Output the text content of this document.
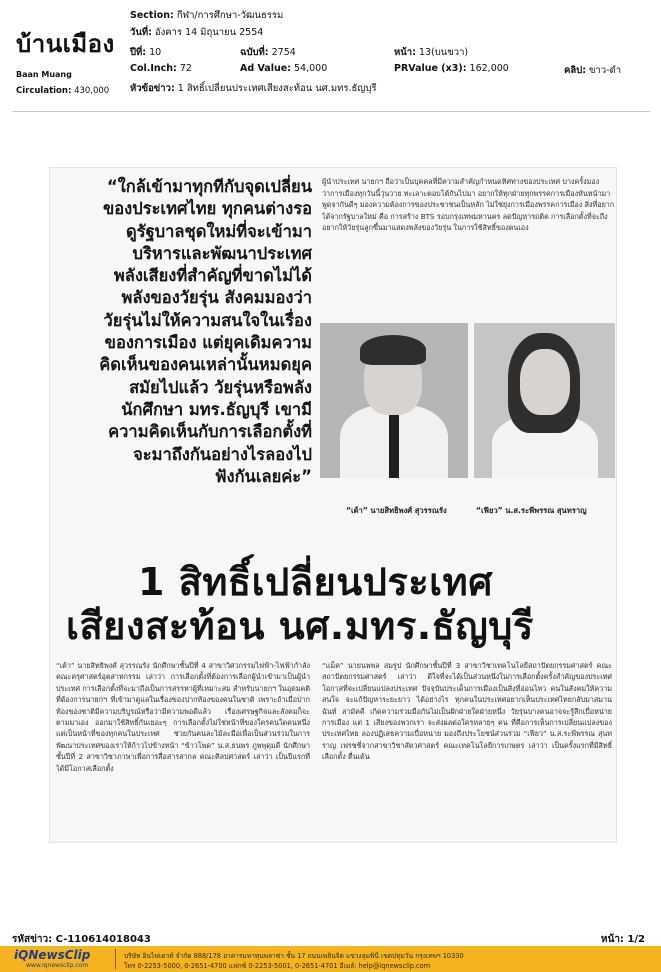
บ้านเมือง
Baan Muang
Circulation: 430,000
Section: กีฬา/การศึกษา-วัฒนธรรม
วันที่: อังคาร 14 มิถุนายน 2554
ปีที่: 10	ฉบับที่: 2754	หน้า: 13(บนขวา)
Col.Inch: 72	Ad Value: 54,000	PRValue (x3): 162,000	คลิป: ขาว-ดำ
หัวข้อข่าว: 1 สิทธิ์เปลี่ยนประเทศเสียงสะท้อน นศ.มทร.ธัญบุรี
“ใกล้เข้ามาทุกทีกับจุดเปลี่ยน
ของประเทศไทย ทุกคนต่างรอ
ดูรัฐบาลชุดใหม่ที่จะเข้ามา
บริหารและพัฒนาประเทศ
พลังเสียงที่สำคัญที่ขาดไม่ได้
พลังของวัยรุ่น สังคมมองว่า
วัยรุ่นไม่ให้ความสนใจในเรื่อง
ของการเมือง แต่ยุคเดิมความ
คิดเห็นของคนเหล่านั้นหมดยุค
สมัยไปแล้ว วัยรุ่นหรือพลัง
นักศึกษา มทร.ธัญบุรี เขามี
ความคิดเห็นกับการเลือกตั้งที่
จะมาถึงกันอย่างไรลองไป
ฟังกันเลยค่ะ”
ผู้นำประเทศ นายกฯ ถือว่าเป็นบุคคลที่มีความสำคัญกำหนดทิศทางของประเทศ บางครั้งมองว่าการเมืองทุกวันนี้วุ่นวาย ทะเลาะตอบโต้กันไปมา อยากให้ทุกฝ่ายทุกพรรคการเมืองหันหน้ามาพูดจากันดีๆ มองความต้องการของประชาชนเป็นหลัก ไม่ใช่ยุ่งการเมืองพรรคการเมือง สิ่งที่อยากได้จากรัฐบาลใหม่ คือ การสร้าง BTS รอบกรุงเทพมหานคร ลดปัญหารถติด การเลือกตั้งที่จะถึงอยากให้วัยรุ่นลูกขึ้นมาแสดงพลังของวัยรุ่น ในการใช้สิทธิ์ของตนเอง
“เต้า” นายสิทธิพงศ์ สุวรรณรัง	“เฟียว” น.ส.ระพีพรรณ สุนทราญ
1 สิทธิ์เปลี่ยนประเทศ
เสียงสะท้อน นศ.มทร.ธัญบุรี
“เต้า” นายสิทธิพงศ์ สุวรรณรัง นักศึกษาชั้นปีที่ 4 สาขาวิศวกรรมไฟฟ้า-ไฟฟ้ากำลัง คณะครุศาสตร์อุตสาหกรรม เล่าว่า การเลือกตั้งที่ต้องการเลือกผู้นำเข้ามาเป็นผู้นำประเทศ การเลือกตั้งที่จะมาถึงเป็นการสรรหาผู้ที่เหมาะสม สำหรับนายกฯ ในอุดมคติที่ต้องการนายกฯ ที่เข้ามาดูแลในเรื่องของปากท้องของคนในชาติ เพราะถ้าเมื่อปากท้องของชาติมีความบริบูรณ์หรือว่ามีความพอดีแล้ว เรื่องเศรษฐกิจและสังคมก็จะตามมาเอง ออกมาใช้สิทธิ์กันเยอะๆ การเลือกตั้งไม่ใช่หน้าที่ของใครคนใดคนหนึ่ง แต่เป็นหน้าที่ของทุกคนในประเทศ ช่วยกันคนละไม้ละมือเพื่อเป็นส่วนร่วมในการพัฒนาประเทศของเราให้ก้าวไปข้างหน้า “ข้าวโพด” น.ส.ธนพร ภูพพุดุมดี นักศึกษาชั้นปีที่ 2 สาขาวิชาภาษาเพื่อการสื่อสารสากล คณะศิลปศาสตร์ เล่าว่า เป็นปีแรกที่ได้มีโอกาสเลือกตั้ง
“แม็ค” นายนพพล สมรูป นักศึกษาชั้นปีที่ 3 สาขาวิชาเทคโนโลยีสถาปัตยกรรมศาสตร์ คณะสถาปัตยกรรมศาสตร์ เล่าว่า ดีใจที่จะได้เป็นส่วนหนึ่งในการเลือกตั้งครั้งสำคัญของประเทศ โอกาสที่จะเปลี่ยนแปลงประเทศ ปัจจุบันประเด็นการเมืองเป็นสิ่งที่อ่อนไหว คนในสังคมให้ความสนใจ จะแก้ปัญหาระยะยาว ได้อย่างไร ทุกคนในประเทศอยากเห็นประเทศไทยกลับมาสมานฉันท์ สามัคคี เกิดความร่วมมือกันไม่เป็นฝักฝ่ายใดฝ่ายหนึ่ง วัยรุ่นบางคนอาจจะรู้สึกเบื่อหน่ายการเมือง แต่ 1 เสียงของพวกเรา จะส่งผลต่อใครหลายๆ คน ที่คือการเห็นการเปลี่ยนแปลงของประเทศไทย ลองปฏิเสธความเบื่อหน่าย มองถึงประโยชน์ส่วนร่วม “เฟียว” น.ส.ระพีพรรณ สุนทราญ เฟรชชี่จากสาขาวิชาสัตวศาสตร์ คณะเทคโนโลยีการเกษตร เล่าว่า เป็นครั้งแรกที่มีสิทธิ์เลือกตั้ง ตื่นเต้น
รหัสข่าว: C-110614018043	หน้า: 1/2
iQNewsClip
www.iqnewsclip.com
บริษัท อินไฟเดวท์ จำกัด 888/178 อาคารมหาทุนพลาซ่า ชั้น 17 ถนนเพลินจิต แขวงลุมพินี เขตปทุมวัน กรุงเทพฯ 10330
โทร 0-2253-5000, 0-2651-4700 แฟกซ์ 0-2253-5001, 0-2651-4701 อีเมล์: help@iqnewsclip.com
